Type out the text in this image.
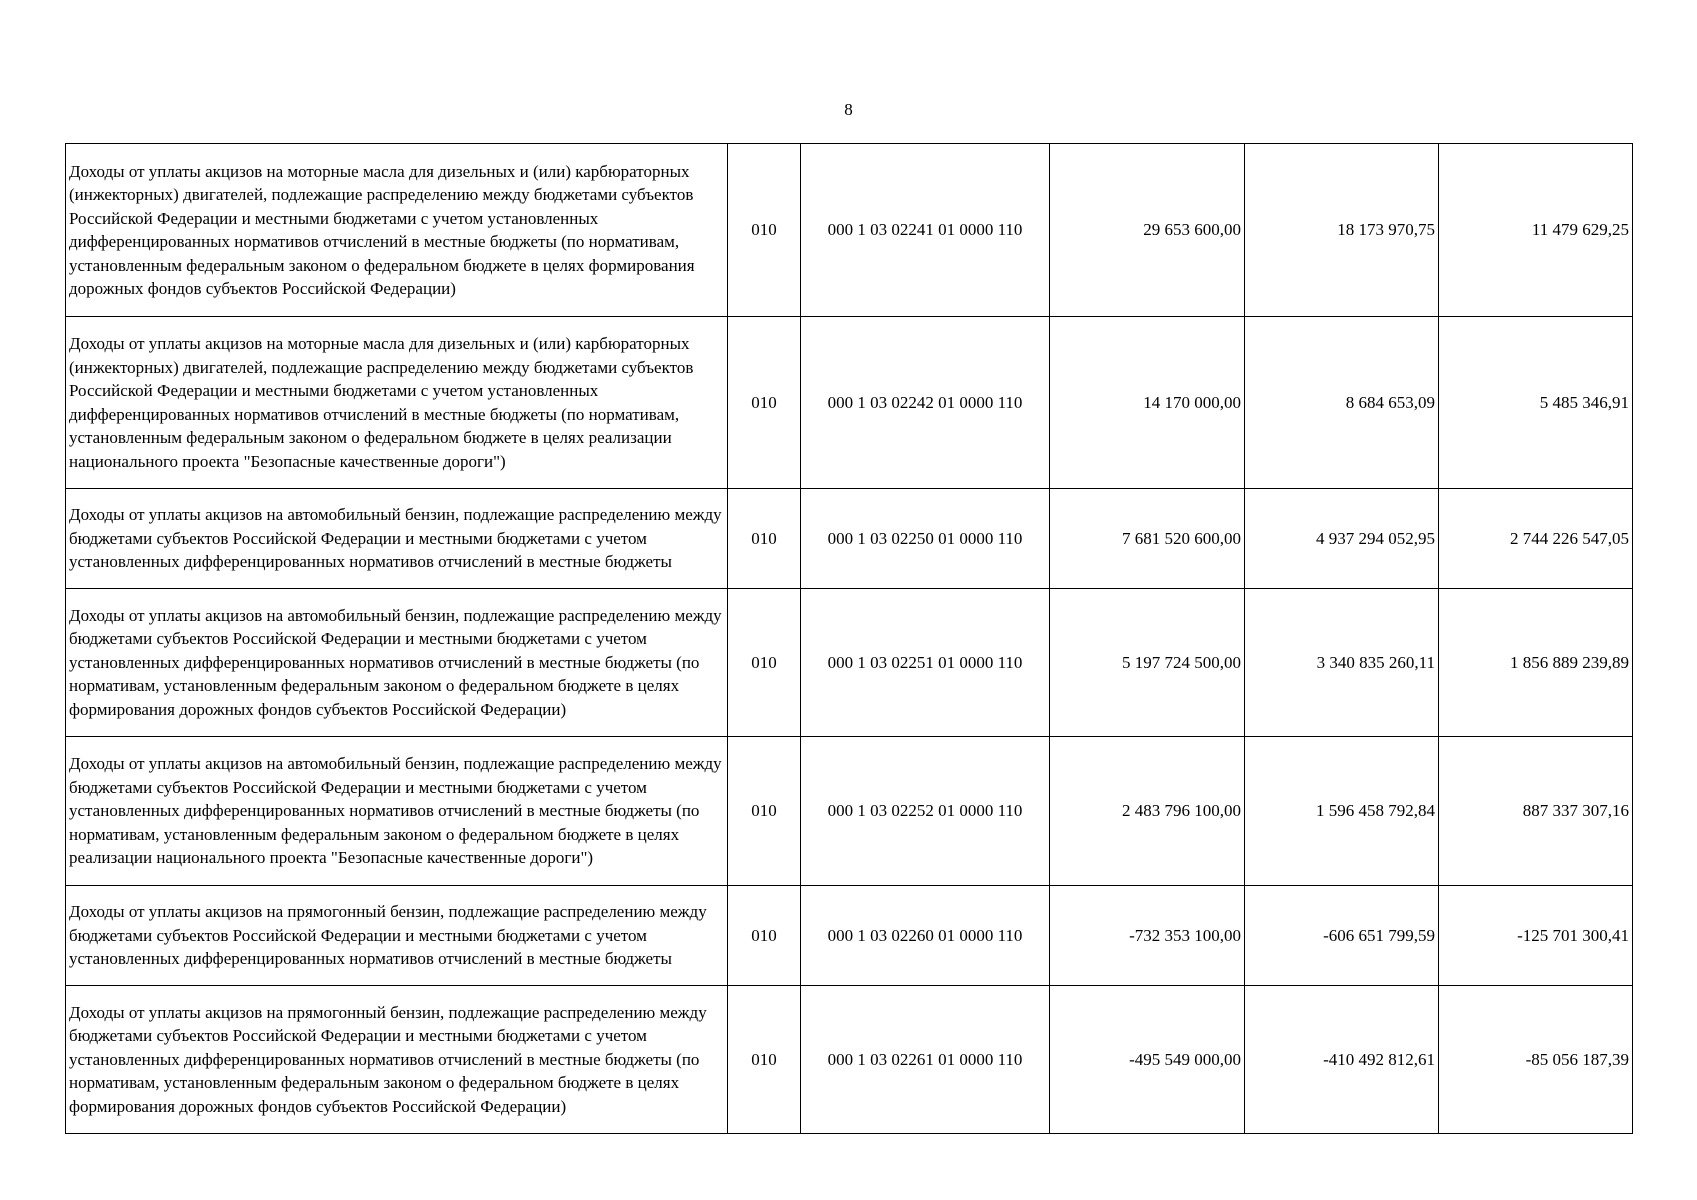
8
Доходы от уплаты акцизов на моторные масла для дизельных и (или) карбюраторных (инжекторных) двигателей, подлежащие распределению между бюджетами субъектов Российской Федерации и местными бюджетами с учетом установленных дифференцированных нормативов отчислений в местные бюджеты (по нормативам, установленным федеральным законом о федеральном бюджете в целях формирования дорожных фондов субъектов Российской Федерации)	010	000 1 03 02241 01 0000 110	29 653 600,00	18 173 970,75	11 479 629,25
Доходы от уплаты акцизов на моторные масла для дизельных и (или) карбюраторных (инжекторных) двигателей, подлежащие распределению между бюджетами субъектов Российской Федерации и местными бюджетами с учетом установленных дифференцированных нормативов отчислений в местные бюджеты (по нормативам, установленным федеральным законом о федеральном бюджете в целях реализации национального проекта "Безопасные качественные дороги")	010	000 1 03 02242 01 0000 110	14 170 000,00	8 684 653,09	5 485 346,91
Доходы от уплаты акцизов на автомобильный бензин, подлежащие распределению между бюджетами субъектов Российской Федерации и местными бюджетами с учетом установленных дифференцированных нормативов отчислений в местные бюджеты	010	000 1 03 02250 01 0000 110	7 681 520 600,00	4 937 294 052,95	2 744 226 547,05
Доходы от уплаты акцизов на автомобильный бензин, подлежащие распределению между бюджетами субъектов Российской Федерации и местными бюджетами с учетом установленных дифференцированных нормативов отчислений в местные бюджеты (по нормативам, установленным федеральным законом о федеральном бюджете в целях формирования дорожных фондов субъектов Российской Федерации)	010	000 1 03 02251 01 0000 110	5 197 724 500,00	3 340 835 260,11	1 856 889 239,89
Доходы от уплаты акцизов на автомобильный бензин, подлежащие распределению между бюджетами субъектов Российской Федерации и местными бюджетами с учетом установленных дифференцированных нормативов отчислений в местные бюджеты (по нормативам, установленным федеральным законом о федеральном бюджете в целях реализации национального проекта "Безопасные качественные дороги")	010	000 1 03 02252 01 0000 110	2 483 796 100,00	1 596 458 792,84	887 337 307,16
Доходы от уплаты акцизов на прямогонный бензин, подлежащие распределению между бюджетами субъектов Российской Федерации и местными бюджетами с учетом установленных дифференцированных нормативов отчислений в местные бюджеты	010	000 1 03 02260 01 0000 110	-732 353 100,00	-606 651 799,59	-125 701 300,41
Доходы от уплаты акцизов на прямогонный бензин, подлежащие распределению между бюджетами субъектов Российской Федерации и местными бюджетами с учетом установленных дифференцированных нормативов отчислений в местные бюджеты (по нормативам, установленным федеральным законом о федеральном бюджете в целях формирования дорожных фондов субъектов Российской Федерации)	010	000 1 03 02261 01 0000 110	-495 549 000,00	-410 492 812,61	-85 056 187,39
